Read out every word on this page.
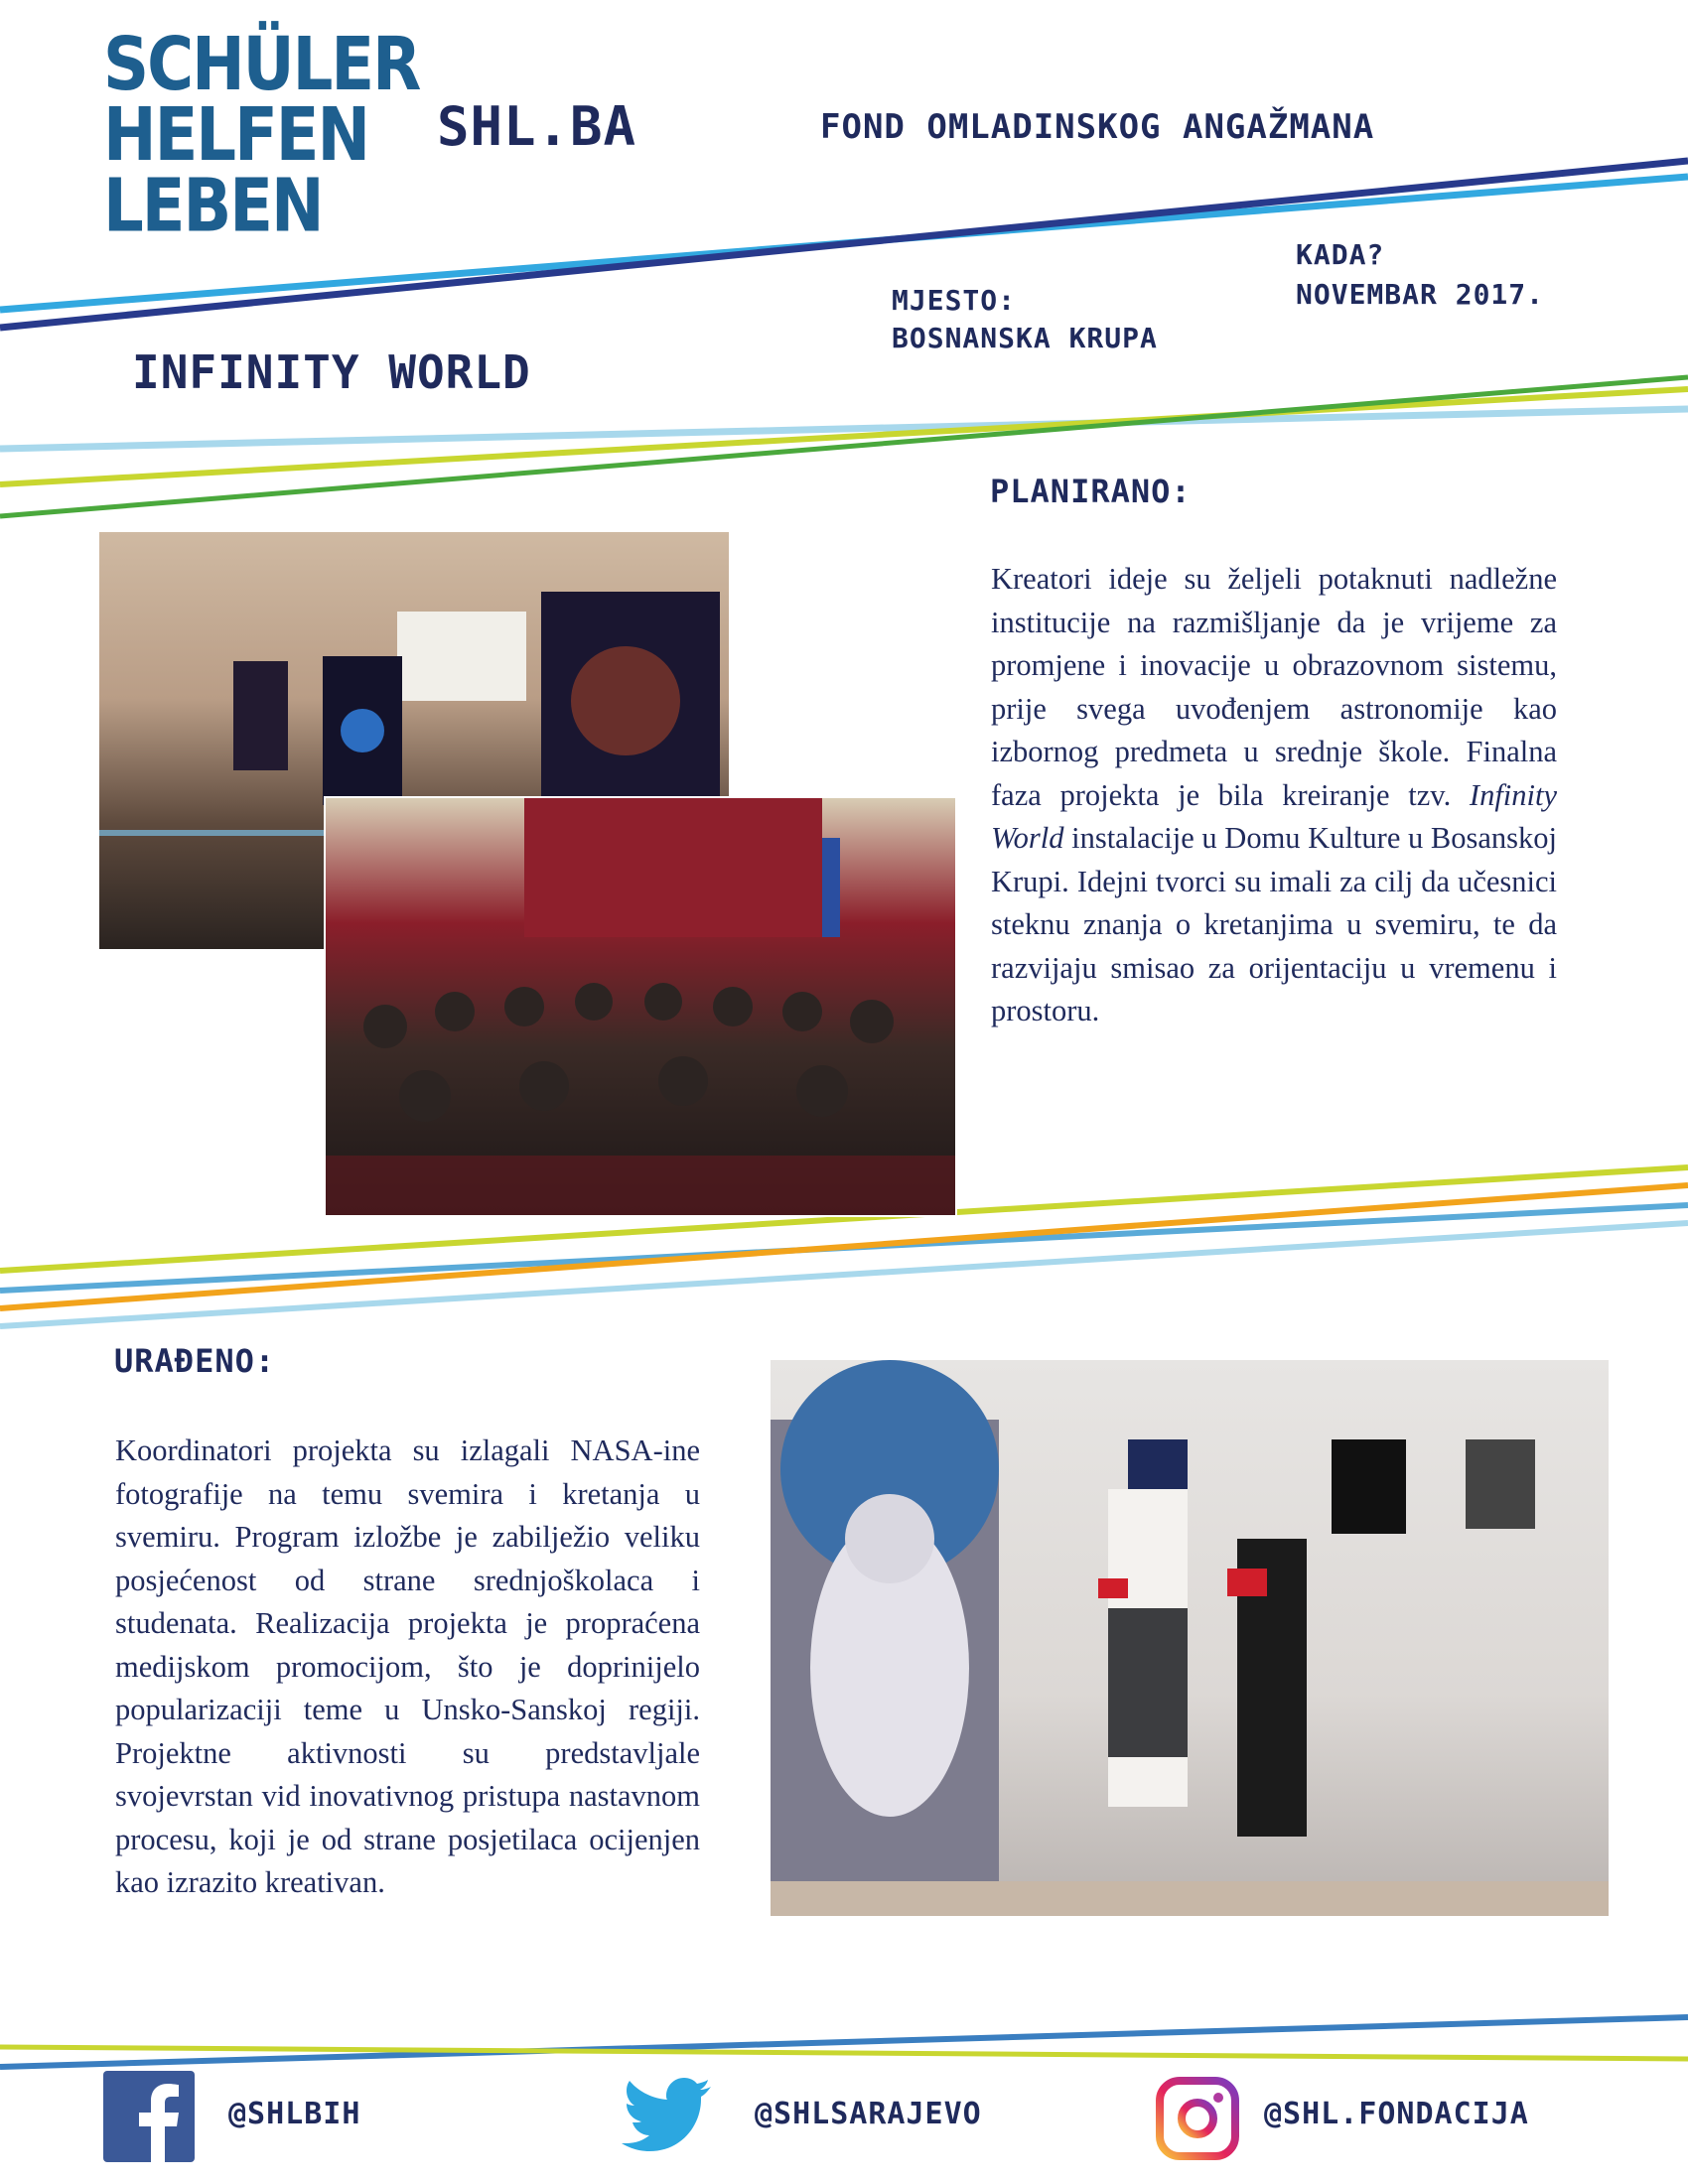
SCHÜLER
HELFEN
LEBEN
SHL.BA	FOND OMLADINSKOG ANGAŽMANA
KADA?
NOVEMBAR 2017.
MJESTO:
BOSNANSKA KRUPA
INFINITY WORLD
PLANIRANO:
Kreatori ideje su željeli potaknuti nadležne institucije na razmišljanje da je vrijeme za promjene i inovacije u obrazovnom sistemu, prije svega uvođenjem astronomije kao izbornog predmeta u srednje škole. Finalna faza projekta je bila kreiranje tzv. Infinity World instalacije u Domu Kulture u Bosanskoj Krupi. Idejni tvorci su imali za cilj da učesnici steknu znanja o kretanjima u svemiru, te da razvijaju smisao za orijentaciju u vremenu i prostoru.
URAĐENO:
Koordinatori projekta su izlagali NASA-ine fotografije na temu svemira i kretanja u svemiru. Program izložbe je zabilježio veliku posjećenost od strane srednjoškolaca i studenata. Realizacija projekta je propraćena medijskom promocijom, što je doprinijelo popularizaciji teme u Unsko-Sanskoj regiji. Projektne aktivnosti su predstavljale svojevrstan vid inovativnog pristupa nastavnom procesu, koji je od strane posjetilaca ocijenjen kao izrazito kreativan.
@SHLBIH	@SHLSARAJEVO	@SHL.FONDACIJA
